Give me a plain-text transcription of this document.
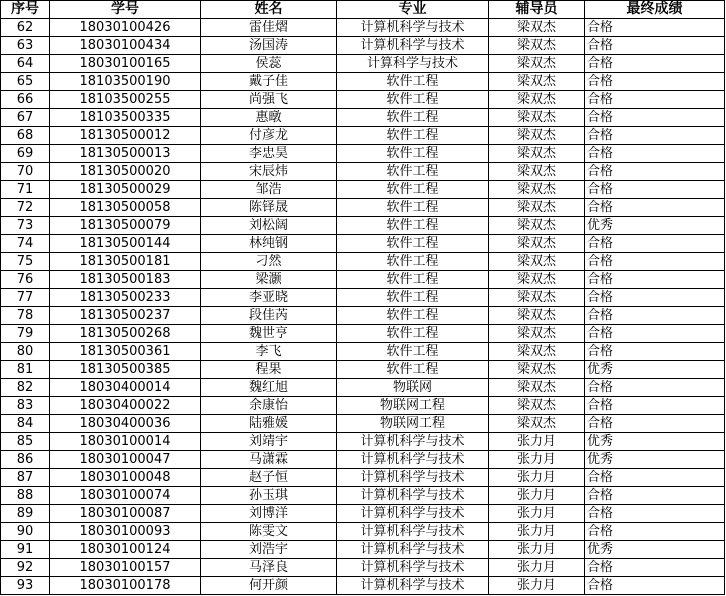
序号	学号	姓名	专业	辅导员	最终成绩
62	18030100426	雷佳熠	计算机科学与技术	梁双杰	合格
63	18030100434	汤国涛	计算机科学与技术	梁双杰	合格
64	18030100165	侯蕊	计算科学与技术	梁双杰	合格
65	18103500190	戴子佳	软件工程	梁双杰	合格
66	18103500255	尚强飞	软件工程	梁双杰	合格
67	18103500335	惠暾	软件工程	梁双杰	合格
68	18130500012	付彦龙	软件工程	梁双杰	合格
69	18130500013	李忠昊	软件工程	梁双杰	合格
70	18130500020	宋辰炜	软件工程	梁双杰	合格
71	18130500029	邹浩	软件工程	梁双杰	合格
72	18130500058	陈铎晟	软件工程	梁双杰	合格
73	18130500079	刘松阔	软件工程	梁双杰	优秀
74	18130500144	林纯钢	软件工程	梁双杰	合格
75	18130500181	刁然	软件工程	梁双杰	合格
76	18130500183	梁灏	软件工程	梁双杰	合格
77	18130500233	李亚晓	软件工程	梁双杰	合格
78	18130500237	段佳芮	软件工程	梁双杰	合格
79	18130500268	魏世亨	软件工程	梁双杰	合格
80	18130500361	李飞	软件工程	梁双杰	合格
81	18130500385	程果	软件工程	梁双杰	优秀
82	18030400014	魏红旭	物联网	梁双杰	合格
83	18030400022	余康怡	物联网工程	梁双杰	合格
84	18030400036	陆雅媛	物联网工程	梁双杰	合格
85	18030100014	刘靖宇	计算机科学与技术	张力月	优秀
86	18030100047	马潇霖	计算机科学与技术	张力月	优秀
87	18030100048	赵子恒	计算机科学与技术	张力月	合格
88	18030100074	孙玉琪	计算机科学与技术	张力月	合格
89	18030100087	刘博洋	计算机科学与技术	张力月	合格
90	18030100093	陈雯文	计算机科学与技术	张力月	合格
91	18030100124	刘浩宇	计算机科学与技术	张力月	优秀
92	18030100157	马泽良	计算机科学与技术	张力月	合格
93	18030100178	何开颜	计算机科学与技术	张力月	合格
